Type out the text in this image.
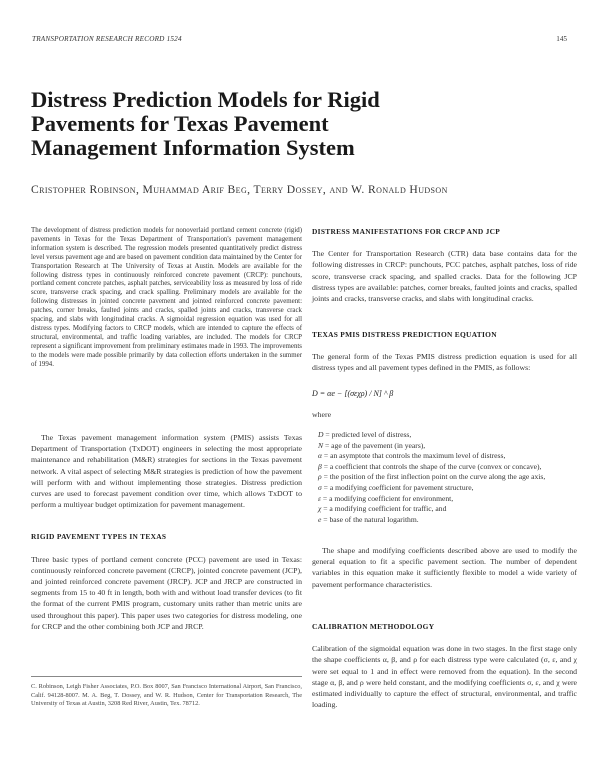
TRANSPORTATION RESEARCH RECORD 1524	145
Distress Prediction Models for Rigid Pavements for Texas Pavement Management Information System
Cristopher Robinson, Muhammad Arif Beg, Terry Dossey, and W. Ronald Hudson

The development of distress prediction models for nonoverlaid portland cement concrete (rigid) pavements in Texas for the Texas Department of Transportation's pavement management information system is described. The regression models presented quantitatively predict distress level versus pavement age and are based on pavement condition data maintained by the Center for Transportation Research at The University of Texas at Austin. Models are available for the following distress types in continuously reinforced concrete pavement (CRCP): punchouts, portland cement concrete patches, asphalt patches, serviceability loss as measured by loss of ride score, transverse crack spacing, and crack spalling. Preliminary models are available for the following distresses in jointed concrete pavement and jointed reinforced concrete pavement: patches, corner breaks, faulted joints and cracks, spalled joints and cracks, transverse crack spacing, and slabs with longitudinal cracks. A sigmoidal regression equation was used for all distress types. Modifying factors to CRCP models, which are intended to capture the effects of structural, environmental, and traffic loading variables, are included. The models for CRCP represent a significant improvement from preliminary estimates made in 1993. The improvements to the models were made possible primarily by data collection efforts undertaken in the summer of 1994.

The Texas pavement management information system (PMIS) assists Texas Department of Transportation (TxDOT) engineers in selecting the most appropriate maintenance and rehabilitation (M&R) strategies for sections in the Texas pavement network. A vital aspect of selecting M&R strategies is prediction of how the pavement will perform with and without implementing those strategies. Distress prediction curves are used to forecast pavement condition over time, which allows TxDOT to perform a multiyear budget optimization for pavement management.

RIGID PAVEMENT TYPES IN TEXAS

Three basic types of portland cement concrete (PCC) pavement are used in Texas: continuously reinforced concrete pavement (CRCP), jointed concrete pavement (JCP), and jointed reinforced concrete pavement (JRCP). JCP and JRCP are constructed in segments from 15 to 40 ft in length, both with and without load transfer devices (to fit the format of the current PMIS program, customary units rather than metric units are used throughout this paper). This paper uses two categories for distress modeling, one for CRCP and the other combining both JCP and JRCP.

C. Robinson, Leigh Fisher Associates, P.O. Box 8007, San Francisco International Airport, San Francisco, Calif. 94128-8007. M. A. Beg, T. Dossey, and W. R. Hudson, Center for Transportation Research, The University of Texas at Austin, 3208 Red River, Austin, Tex. 78712.

DISTRESS MANIFESTATIONS FOR CRCP AND JCP

The Center for Transportation Research (CTR) data base contains data for the following distresses in CRCP: punchouts, PCC patches, asphalt patches, loss of ride score, transverse crack spacing, and spalled cracks. Data for the following JCP distress types are available: patches, corner breaks, faulted joints and cracks, spalled joints and cracks, transverse cracks, and slabs with longitudinal cracks.

TEXAS PMIS DISTRESS PREDICTION EQUATION

The general form of the Texas PMIS distress prediction equation is used for all distress types and all pavement types defined in the PMIS, as follows:

D = αe − [(σεχρ) / N] ^ β
where

D = predicted level of distress,

N = age of the pavement (in years),

α = an asymptote that controls the maximum level of distress,

β = a coefficient that controls the shape of the curve (convex or concave),

ρ = the position of the first inflection point on the curve along the age axis,

σ = a modifying coefficient for pavement structure,

ε = a modifying coefficient for environment,

χ = a modifying coefficient for traffic, and

e = base of the natural logarithm.

The shape and modifying coefficients described above are used to modify the general equation to fit a specific pavement section. The number of dependent variables in this equation make it sufficiently flexible to model a wide variety of pavement performance characteristics.

CALIBRATION METHODOLOGY

Calibration of the sigmoidal equation was done in two stages. In the first stage only the shape coefficients α, β, and ρ for each distress type were calculated (σ, ε, and χ were set equal to 1 and in effect were removed from the equation). In the second stage α, β, and ρ were held constant, and the modifying coefficients σ, ε, and χ were estimated individually to capture the effect of structural, environmental, and traffic loading.
